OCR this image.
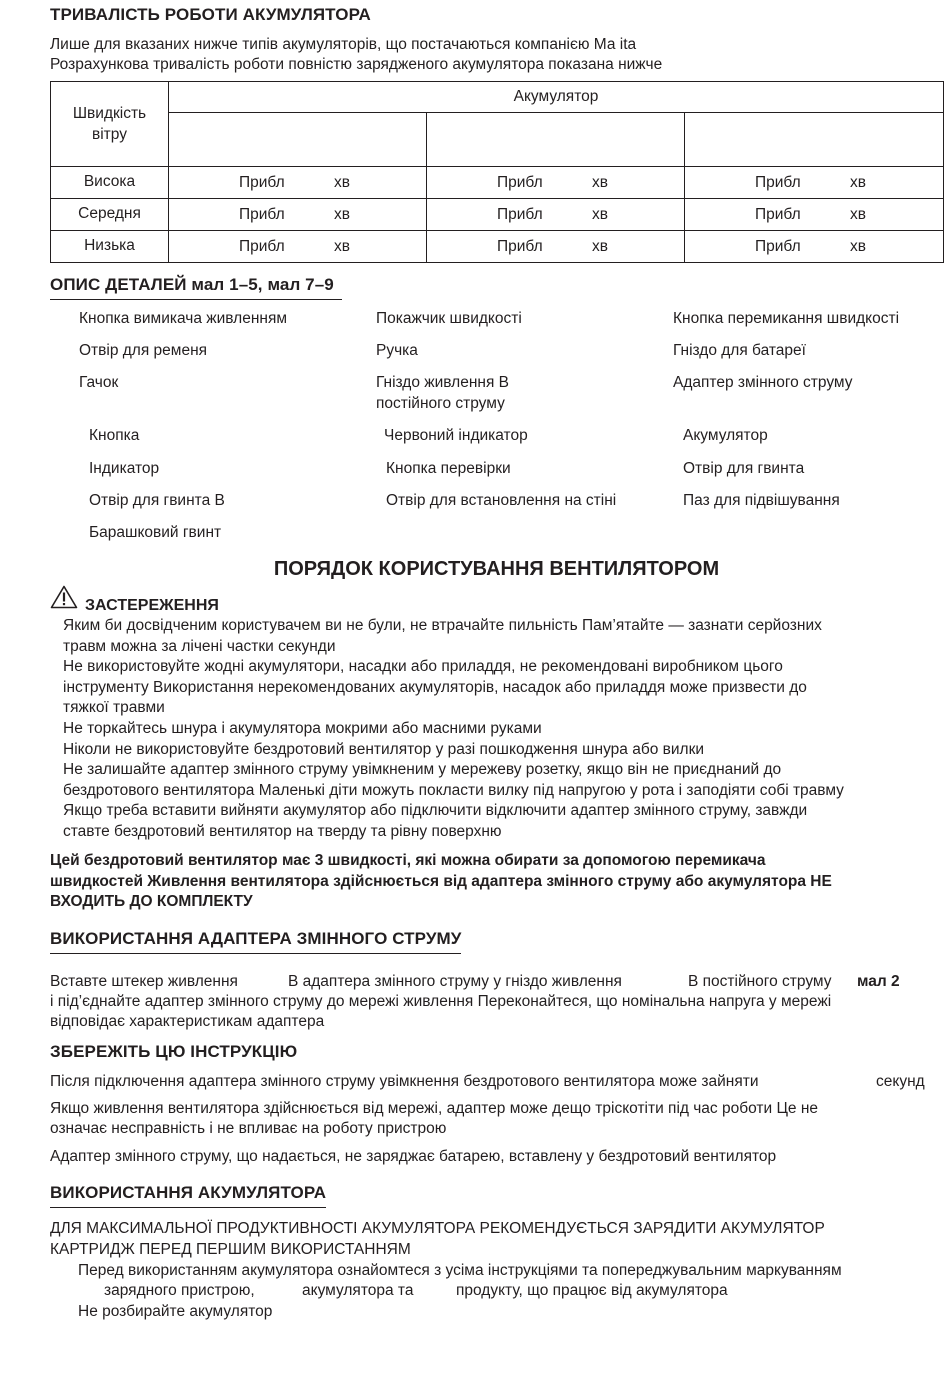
ТРИВАЛІСТЬ РОБОТИ АКУМУЛЯТОРА
Лише для вказаних нижче типів акумуляторів, що постачаються компанією Ма ita
Розрахункова тривалість роботи повністю зарядженого акумулятора показана нижче
Швидкість вітру	Акумулятор		

Висока	Прибл хв	Прибл хв	Прибл хв

Середня	Прибл хв	Прибл хв	Прибл хв

Низька	Прибл хв	Прибл хв	Прибл хв
ОПИС ДЕТАЛЕЙ мал 1–5, мал 7–9
Кнопка вимикача живленням
Отвір для ременя
Гачок
Покажчик швидкості
Ручка
Гніздо живлення В
постійного струму
Кнопка перемикання швидкості
Гніздо для батареї
Адаптер змінного струму
Кнопка
Індикатор
Отвір для гвинта В
Барашковий гвинт
Червоний індикатор
Кнопка перевірки
Отвір для встановлення на стіні
Акумулятор
Отвір для гвинта
Паз для підвішування
ПОРЯДОК КОРИСТУВАННЯ ВЕНТИЛЯТОРОМ
ЗАСТЕРЕЖЕННЯ
Яким би досвідченим користувачем ви не були, не втрачайте пильність Пам’ятайте — зазнати серйозних
травм можна за лічені частки секунди
Не використовуйте жодні акумулятори, насадки або приладдя, не рекомендовані виробником цього
інструменту Використання нерекомендованих акумуляторів, насадок або приладдя може призвести до
тяжкої травми
Не торкайтесь шнура і акумулятора мокрими або масними руками
Ніколи не використовуйте бездротовий вентилятор у разі пошкодження шнура або вилки
Не залишайте адаптер змінного струму увімкненим у мережеву розетку, якщо він не приєднаний до
бездротового вентилятора Маленькі діти можуть покласти вилку під напругою у рота і заподіяти собі травму
Якщо треба вставити вийняти акумулятор або підключити відключити адаптер змінного струму, завжди
ставте бездротовий вентилятор на тверду та рівну поверхню
Цей бездротовий вентилятор має 3 швидкості, які можна обирати за допомогою перемикача
швидкостей Живлення вентилятора здійснюється від адаптера змінного струму або акумулятора НЕ
ВХОДИТЬ ДО КОМПЛЕКТУ
ВИКОРИСТАННЯ АДАПТЕРА ЗМІННОГО СТРУМУ
Вставте штекер живлення	В адаптера змінного струму у гніздо живлення	В постійного струму мал 2
і під’єднайте адаптер змінного струму до мережі живлення Переконайтеся, що номінальна напруга у мережі
відповідає характеристикам адаптера
ЗБЕРЕЖІТЬ ЦЮ ІНСТРУКЦІЮ
Після підключення адаптера змінного струму увімкнення бездротового вентилятора може зайняти	секунд
Якщо живлення вентилятора здійснюється від мережі, адаптер може дещо тріскотіти під час роботи Це не
означає несправність і не впливає на роботу пристрою
Адаптер змінного струму, що надається, не заряджає батарею, вставлену у бездротовий вентилятор
ВИКОРИСТАННЯ АКУМУЛЯТОРА
ДЛЯ МАКСИМАЛЬНОЇ ПРОДУКТИВНОСТІ АКУМУЛЯТОРА РЕКОМЕНДУЄТЬСЯ ЗАРЯДИТИ АКУМУЛЯТОР
КАРТРИДЖ ПЕРЕД ПЕРШИМ ВИКОРИСТАННЯМ
Перед використанням акумулятора ознайомтеся з усіма інструкціями та попереджувальним маркуванням
зарядного пристрою,	акумулятора та	продукту, що працює від акумулятора
Не розбирайте акумулятор
